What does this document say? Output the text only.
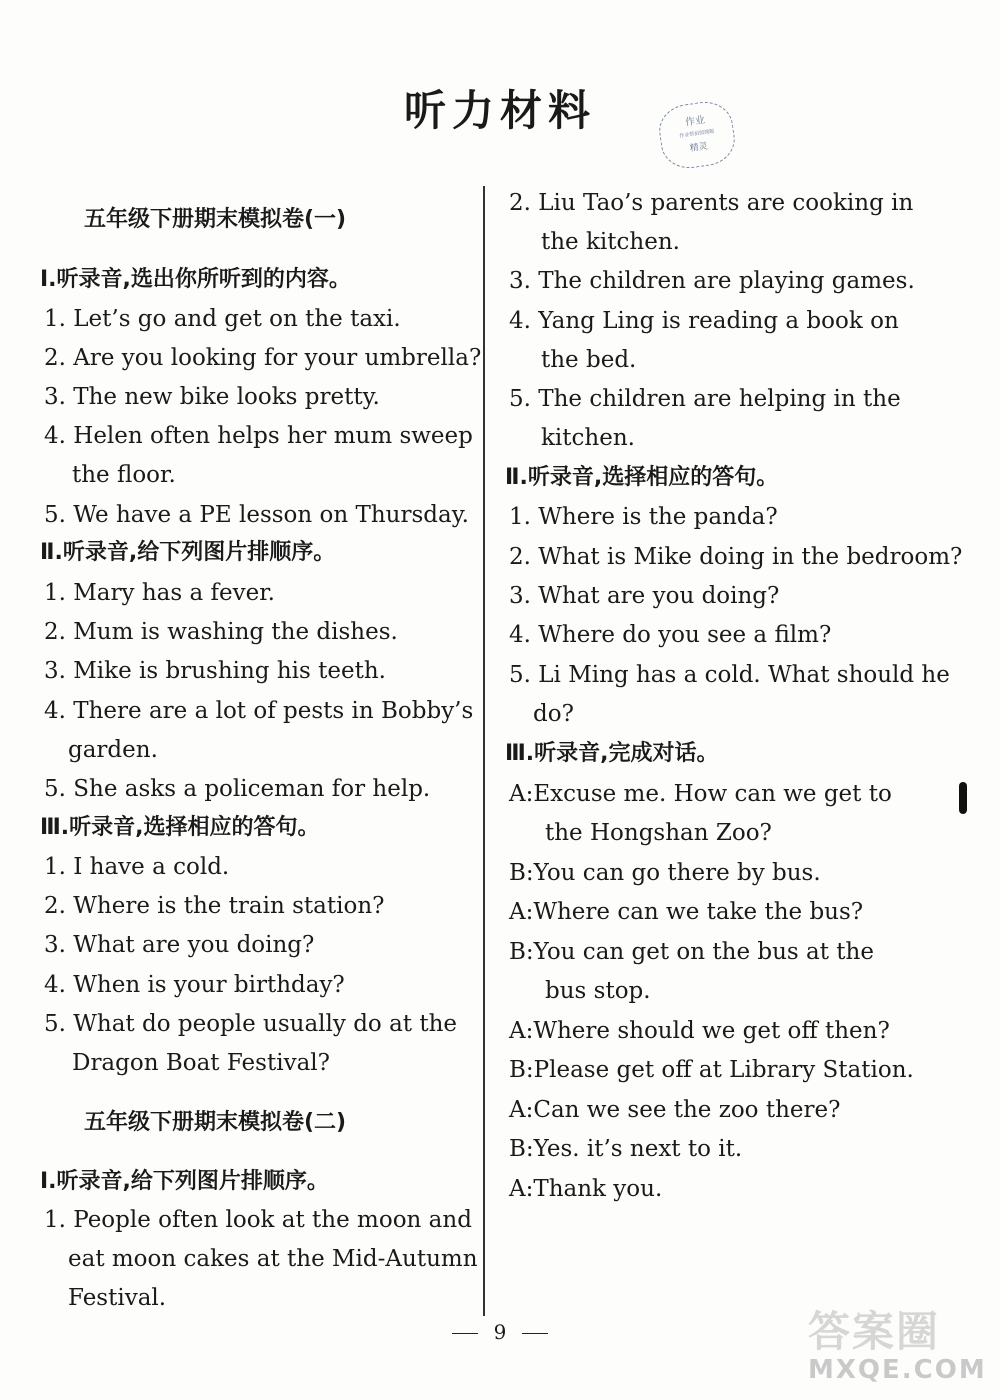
听力材料	作业
作业帮拍照搜题
精灵
五年级下册期末模拟卷(一)
Ⅰ.听录音,选出你所听到的内容。
1. Let’s go and get on the taxi.
2. Are you looking for your umbrella?
3. The new bike looks pretty.
4. Helen often helps her mum sweep
the floor.
5. We have a PE lesson on Thursday.
Ⅱ.听录音,给下列图片排顺序。
1. Mary has a fever.
2. Mum is washing the dishes.
3. Mike is brushing his teeth.
4. There are a lot of pests in Bobby’s
garden.
5. She asks a policeman for help.
Ⅲ.听录音,选择相应的答句。
1. I have a cold.
2. Where is the train station?
3. What are you doing?
4. When is your birthday?
5. What do people usually do at the
Dragon Boat Festival?
五年级下册期末模拟卷(二)
Ⅰ.听录音,给下列图片排顺序。
1. People often look at the moon and
eat moon cakes at the Mid-Autumn
Festival.
2. Liu Tao’s parents are cooking in
the kitchen.
3. The children are playing games.
4. Yang Ling is reading a book on
the bed.
5. The children are helping in the
kitchen.
Ⅱ.听录音,选择相应的答句。
1. Where is the panda?
2. What is Mike doing in the bedroom?
3. What are you doing?
4. Where do you see a film?
5. Li Ming has a cold. What should he
do?
Ⅲ.听录音,完成对话。
A:Excuse me. How can we get to
the Hongshan Zoo?
B:You can go there by bus.
A:Where can we take the bus?
B:You can get on the bus at the
bus stop.
A:Where should we get off then?
B:Please get off at Library Station.
A:Can we see the zoo there?
B:Yes. it’s next to it.
A:Thank you.
9	答案圈
MXQE.COM
